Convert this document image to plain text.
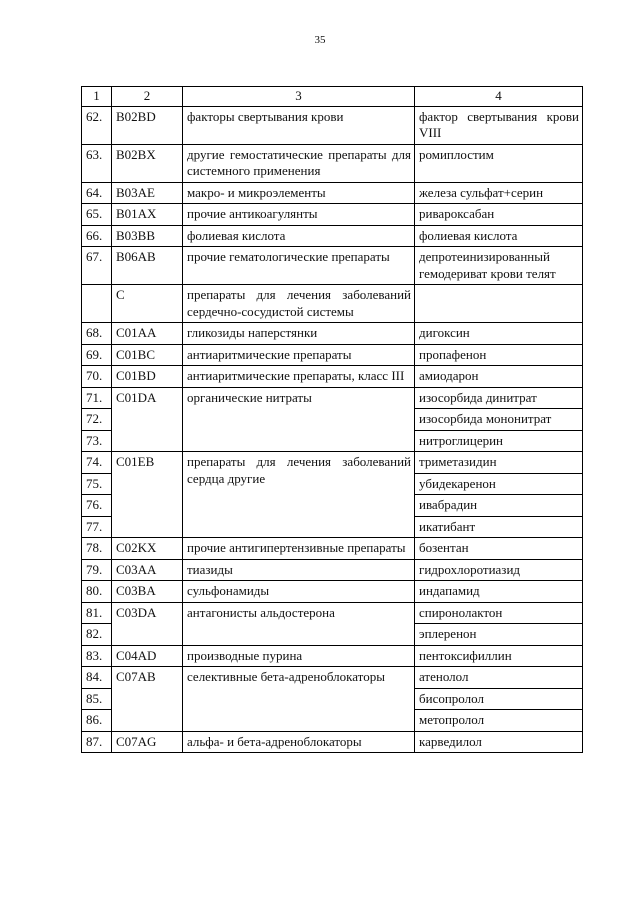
35
1	2	3	4
62.	B02BD	факторы свертывания крови	фактор свертывания крови VIII
63.	B02BX	другие гемостатические препараты для системного применения	ромиплостим
64.	B03AE	макро- и микроэлементы	железа сульфат+серин
65.	B01AX	прочие антикоагулянты	ривароксабан
66.	B03BB	фолиевая кислота	фолиевая кислота
67.	B06AB	прочие гематологические препараты	депротеинизированный гемодериват крови телят
	C	препараты для лечения заболеваний сердечно-сосудистой системы	
68.	C01AA	гликозиды наперстянки	дигоксин
69.	C01BC	антиаритмические препараты	пропафенон
70.	C01BD	антиаритмические препараты, класс III	амиодарон
71.	C01DA	органические нитраты	изосорбида динитрат
72.			изосорбида мононитрат
73.			нитроглицерин
74.	C01EB	препараты для лечения заболеваний сердца другие	триметазидин
75.			убидекаренон
76.			ивабрадин
77.			икатибант
78.	C02KX	прочие антигипертензивные препараты	бозентан
79.	C03AA	тиазиды	гидрохлоротиазид
80.	C03BA	сульфонамиды	индапамид
81.	C03DA	антагонисты альдостерона	спиронолактон
82.			эплеренон
83.	C04AD	производные пурина	пентоксифиллин
84.	C07AB	селективные бета-адреноблокаторы	атенолол
85.			бисопролол
86.			метопролол
87.	C07AG	альфа- и бета-адреноблокаторы	карведилол
